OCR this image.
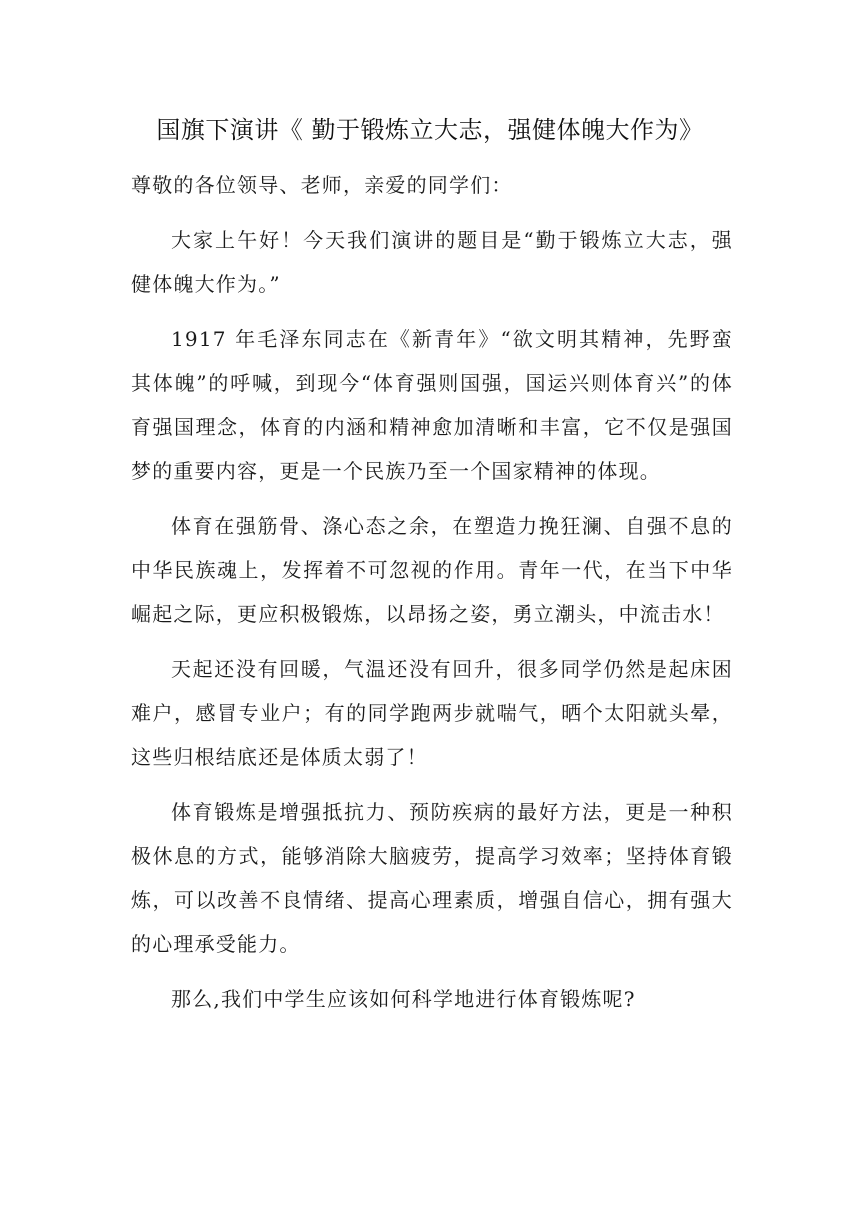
国旗下演讲《 勤于锻炼立大志，强健体魄大作为》

尊敬的各位领导、老师，亲爱的同学们：

大家上午好！今天我们演讲的题目是“勤于锻炼立大志，强健体魄大作为。”

1917 年毛泽东同志在《新青年》“欲文明其精神，先野蛮其体魄”的呼喊，到现今“体育强则国强，国运兴则体育兴”的体育强国理念，体育的内涵和精神愈加清晰和丰富，它不仅是强国梦的重要内容，更是一个民族乃至一个国家精神的体现。

体育在强筋骨、涤心态之余，在塑造力挽狂澜、自强不息的中华民族魂上，发挥着不可忽视的作用。青年一代，在当下中华崛起之际，更应积极锻炼，以昂扬之姿，勇立潮头，中流击水！

天起还没有回暖，气温还没有回升，很多同学仍然是起床困难户，感冒专业户；有的同学跑两步就喘气，晒个太阳就头晕，这些归根结底还是体质太弱了！

体育锻炼是增强抵抗力、预防疾病的最好方法，更是一种积极休息的方式，能够消除大脑疲劳，提高学习效率；坚持体育锻炼，可以改善不良情绪、提高心理素质，增强自信心，拥有强大的心理承受能力。

那么,我们中学生应该如何科学地进行体育锻炼呢?
